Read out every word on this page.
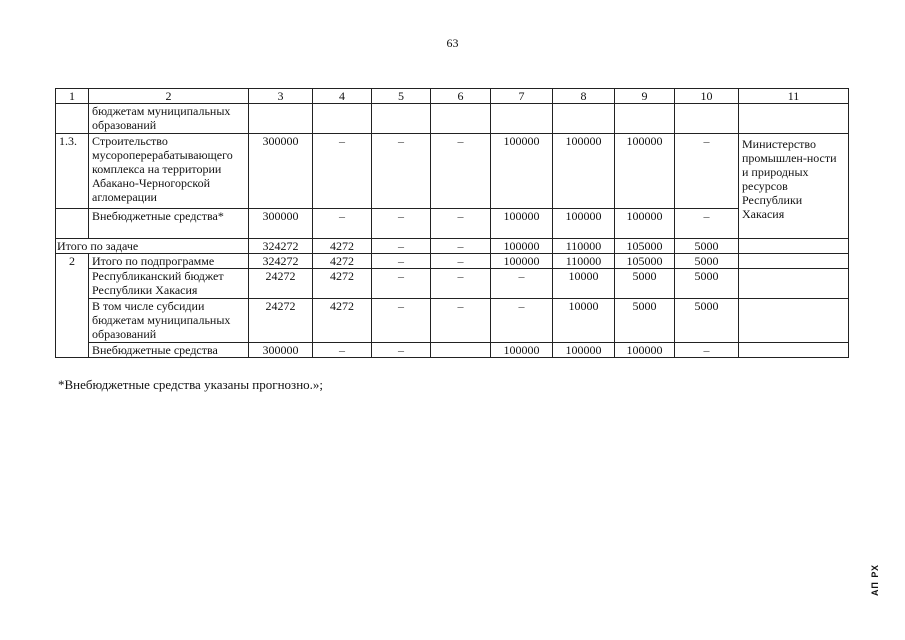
63
1	2	3	4	5	6	7	8	9	10	11
	бюджетам муниципальных образований									
1.3.	Строительство мусороперерабатывающего комплекса на территории Абакано-Черногорской агломерации	300000	–	–	–	100000	100000	100000	–	Министерство промышлен-ности и природных ресурсов Республики Хакасия
	Внебюджетные средства*	300000	–	–	–	100000	100000	100000	–	
Итого по задаче		324272	4272	–	–	100000	110000	105000	5000	
2	Итого по подпрограмме	324272	4272	–	–	100000	110000	105000	5000	
	Республиканский бюджет Республики Хакасия	24272	4272	–	–	–	10000	5000	5000	
	В том числе субсидии бюджетам муниципальных образований	24272	4272	–	–	–	10000	5000	5000	
	Внебюджетные средства	300000	–	–		100000	100000	100000	–	
*Внебюджетные средства указаны прогнозно.»;
АП РХ
